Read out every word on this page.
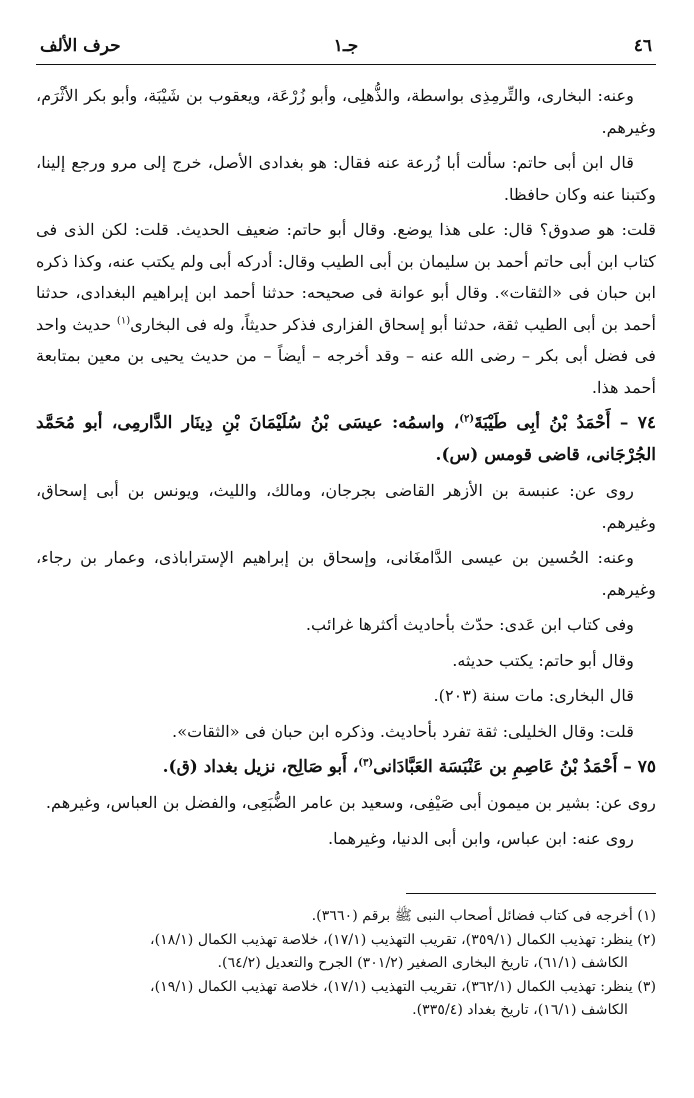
٤٦
جـ١
حرف الألف

وعنه: البخارى، والتِّرمِذِى بواسطة، والذُّهلِى، وأبو زُرْعَة، ويعقوب بن شَيْبَة، وأبو بكر الأثْرَم، وغيرهم.

قال ابن أبى حاتم: سألت أبا زُرعة عنه فقال: هو بغدادى الأصل، خرج إلى مرو ورجع إلينا، وكتبنا عنه وكان حافظا.

قلت: هو صدوق؟ قال: على هذا يوضع. وقال أبو حاتم: ضعيف الحديث. قلت: لكن الذى فى كتاب ابن أبى حاتم أحمد بن سليمان بن أبى الطيب وقال: أدركه أبى ولم يكتب عنه، وكذا ذكره ابن حبان فى «الثقات». وقال أبو عوانة فى صحيحه: حدثنا أحمد ابن إبراهيم البغدادى، حدثنا أحمد بن أبى الطيب ثقة، حدثنا أبو إسحاق الفزارى فذكر حديثاً، وله فى البخارى$^{(١)}$ حديث واحد فى فضل أبى بكر – رضى الله عنه – وقد أخرجه – أيضاً – من حديث يحيى بن معين بمتابعة أحمد هذا.

٧٤ – أَحْمَدُ بْنُ أبِى طَيْبَةَ$^{(٢)}$، واسمُه: عيسَى بْنُ سُلَيْمَانَ بْنِ دِينَار الدَّارمِى، أبو مُحَمَّد الجُرْجَانى، قاضى قومس (س).

روى عن: عنبسة بن الأزهر القاضى بجرجان، ومالك، والليث، ويونس بن أبى إسحاق، وغيرهم.

وعنه: الحُسين بن عيسى الدَّامغَانى، وإسحاق بن إبراهيم الإستراباذى، وعمار بن رجاء، وغيرهم.

وفى كتاب ابن عَدى: حدّث بأحاديث أكثرها غرائب.

وقال أبو حاتم: يكتب حديثه.

قال البخارى: مات سنة (٢٠٣).

قلت: وقال الخليلى: ثقة تفرد بأحاديث. وذكره ابن حبان فى «الثقات».

٧٥ – أَحْمَدُ بْنُ عَاصِمِ بن عَنْبَسَة العَبَّادَانى$^{(٣)}$، أَبو صَالِح، نزيل بغداد (ق).

روى عن: بشير بن ميمون أبى صَيْفِى، وسعيد بن عامر الضُّبَعِى، والفضل بن العباس، وغيرهم.

روى عنه: ابن عباس، وابن أبى الدنيا، وغيرهما.

(١) أخرجه فى كتاب فضائل أصحاب النبى ﷺ برقم (٣٦٦٠).

(٢) ينظر: تهذيب الكمال (٣٥٩/١)، تقريب التهذيب (١٧/١)، خلاصة تهذيب الكمال (١٨/١)،

الكاشف (٦١/١)، تاريخ البخارى الصغير (٣٠١/٢) الجرح والتعديل (٦٤/٢).

(٣) ينظر: تهذيب الكمال (٣٦٢/١)، تقريب التهذيب (١٧/١)، خلاصة تهذيب الكمال (١٩/١)،

الكاشف (١٦/١)، تاريخ بغداد (٣٣٥/٤).
